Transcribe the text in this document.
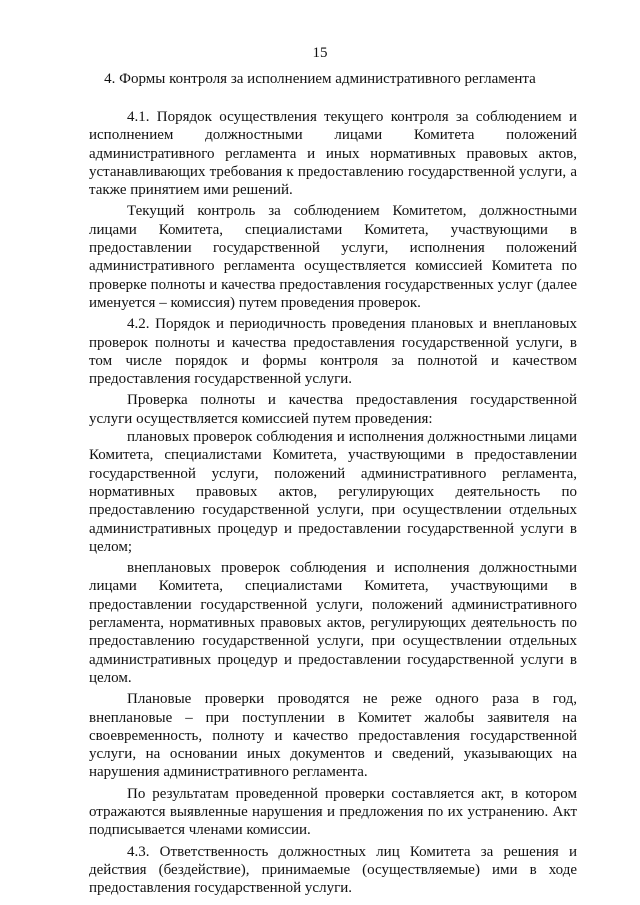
15
4. Формы контроля за исполнением административного регламента

4.1. Порядок осуществления текущего контроля за соблюдением и исполнением должностными лицами Комитета положений административного регламента и иных нормативных правовых актов, устанавливающих требования к предоставлению государственной услуги, а также принятием ими решений.

Текущий контроль за соблюдением Комитетом, должностными лицами Комитета, специалистами Комитета, участвующими в предоставлении государственной услуги, исполнения положений административного регламента осуществляется комиссией Комитета по проверке полноты и качества предоставления государственных услуг (далее именуется – комиссия) путем проведения проверок.

4.2. Порядок и периодичность проведения плановых и внеплановых проверок полноты и качества предоставления государственной услуги, в том числе порядок и формы контроля за полнотой и качеством предоставления государственной услуги.

Проверка полноты и качества предоставления государственной услуги осуществляется комиссией путем проведения:

плановых проверок соблюдения и исполнения должностными лицами Комитета, специалистами Комитета, участвующими в предоставлении государственной услуги, положений административного регламента, нормативных правовых актов, регулирующих деятельность по предоставлению государственной услуги, при осуществлении отдельных административных процедур и предоставлении государственной услуги в целом;

внеплановых проверок соблюдения и исполнения должностными лицами Комитета, специалистами Комитета, участвующими в предоставлении государственной услуги, положений административного регламента, нормативных правовых актов, регулирующих деятельность по предоставлению государственной услуги, при осуществлении отдельных административных процедур и предоставлении государственной услуги в целом.

Плановые проверки проводятся не реже одного раза в год, внеплановые – при поступлении в Комитет жалобы заявителя на своевременность, полноту и качество предоставления государственной услуги, на основании иных документов и сведений, указывающих на нарушения административного регламента.

По результатам проведенной проверки составляется акт, в котором отражаются выявленные нарушения и предложения по их устранению. Акт подписывается членами комиссии.

4.3. Ответственность должностных лиц Комитета за решения и действия (бездействие), принимаемые (осуществляемые) ими в ходе предоставления государственной услуги.
